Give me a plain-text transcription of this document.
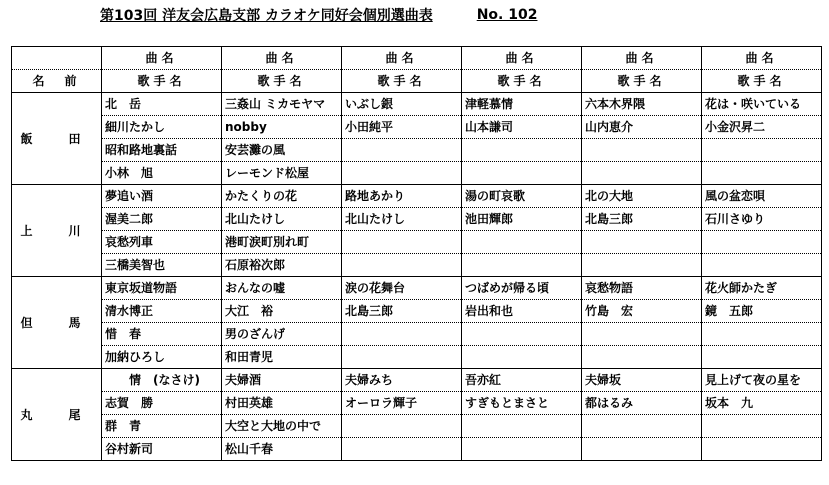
第103回 洋友会広島支部 カラオケ同好会個別選曲表	No. 102
	曲名	曲名	曲名	曲名	曲名	曲名
名　前	歌手名	歌手名	歌手名	歌手名	歌手名	歌手名
飯　田	北　岳	三姦山 ミカモヤマ	いぶし銀	津軽慕情	六本木界隈	花は・咲いている
	細川たかし	nobby	小田純平	山本謙司	山内恵介	小金沢昇二
	昭和路地裏話	安芸灘の風				
	小林　旭	レーモンド松屋				
上　川	夢追い酒	かたくりの花	路地あかり	湯の町哀歌	北の大地	風の盆恋唄
	渥美二郎	北山たけし	北山たけし	池田輝郎	北島三郎	石川さゆり
	哀愁列車	港町涙町別れ町				
	三橋美智也	石原裕次郎				
但　馬	東京坂道物語	おんなの嘘	涙の花舞台	つばめが帰る頃	哀愁物語	花火師かたぎ
	清水博正	大江　裕	北島三郎	岩出和也	竹島　宏	鏡　五郎
	惜　春	男のざんげ				
	加納ひろし	和田青児				
丸　尾	　　情　(なさけ)	夫婦酒	夫婦みち	吾亦紅	夫婦坂	見上げて夜の星を
	志賀　勝	村田英雄	オーロラ輝子	すぎもとまさと	都はるみ	坂本　九
	群　青	大空と大地の中で				
	谷村新司	松山千春				
